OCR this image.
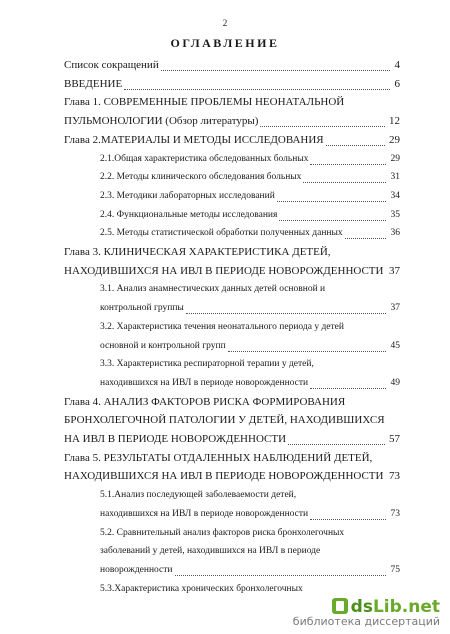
2
ОГЛАВЛЕНИЕ
Список сокращений	4
ВВЕДЕНИЕ	6
Глава 1. СОВРЕМЕННЫЕ ПРОБЛЕМЫ НЕОНАТАЛЬНОЙ
ПУЛЬМОНОЛОГИИ (Обзор литературы)	12
Глава 2.МАТЕРИАЛЫ И МЕТОДЫ ИССЛЕДОВАНИЯ	29
2.1.Общая характеристика обследованных больных	29
2.2. Методы клинического обследования больных	31
2.3. Методики лабораторных исследований	34
2.4. Функциональные методы исследования	35
2.5. Методы статистической обработки полученных данных	36
Глава 3. КЛИНИЧЕСКАЯ ХАРАКТЕРИСТИКА ДЕТЕЙ,
НАХОДИВШИХСЯ НА ИВЛ В ПЕРИОДЕ НОВОРОЖДЕННОСТИ 37
3.1. Анализ анамнестических данных детей основной и
контрольной группы	37
3.2. Характеристика течения неонатального периода у детей
основной и контрольной групп	45
3.3. Характеристика респираторной терапии у детей,
находившихся на ИВЛ в периоде новорожденности	49
Глава 4. АНАЛИЗ ФАКТОРОВ РИСКА ФОРМИРОВАНИЯ
БРОНХОЛЕГОЧНОЙ ПАТОЛОГИИ У ДЕТЕЙ, НАХОДИВШИХСЯ
НА ИВЛ В ПЕРИОДЕ НОВОРОЖДЕННОСТИ	57
Глава 5. РЕЗУЛЬТАТЫ ОТДАЛЕННЫХ НАБЛЮДЕНИЙ ДЕТЕЙ,
НАХОДИВШИХСЯ НА ИВЛ В ПЕРИОДЕ НОВОРОЖДЕННОСТИ 73
5.1.Анализ последующей заболеваемости детей,
находившихся на ИВЛ в периоде новорожденности	73
5.2. Сравнительный анализ факторов риска бронхолегочных
заболеваний у детей, находившихся на ИВЛ в периоде
новорожденности	75
5.3.Характеристика хронических бронхолегочных
dsLib.net
библиотека диссертаций
